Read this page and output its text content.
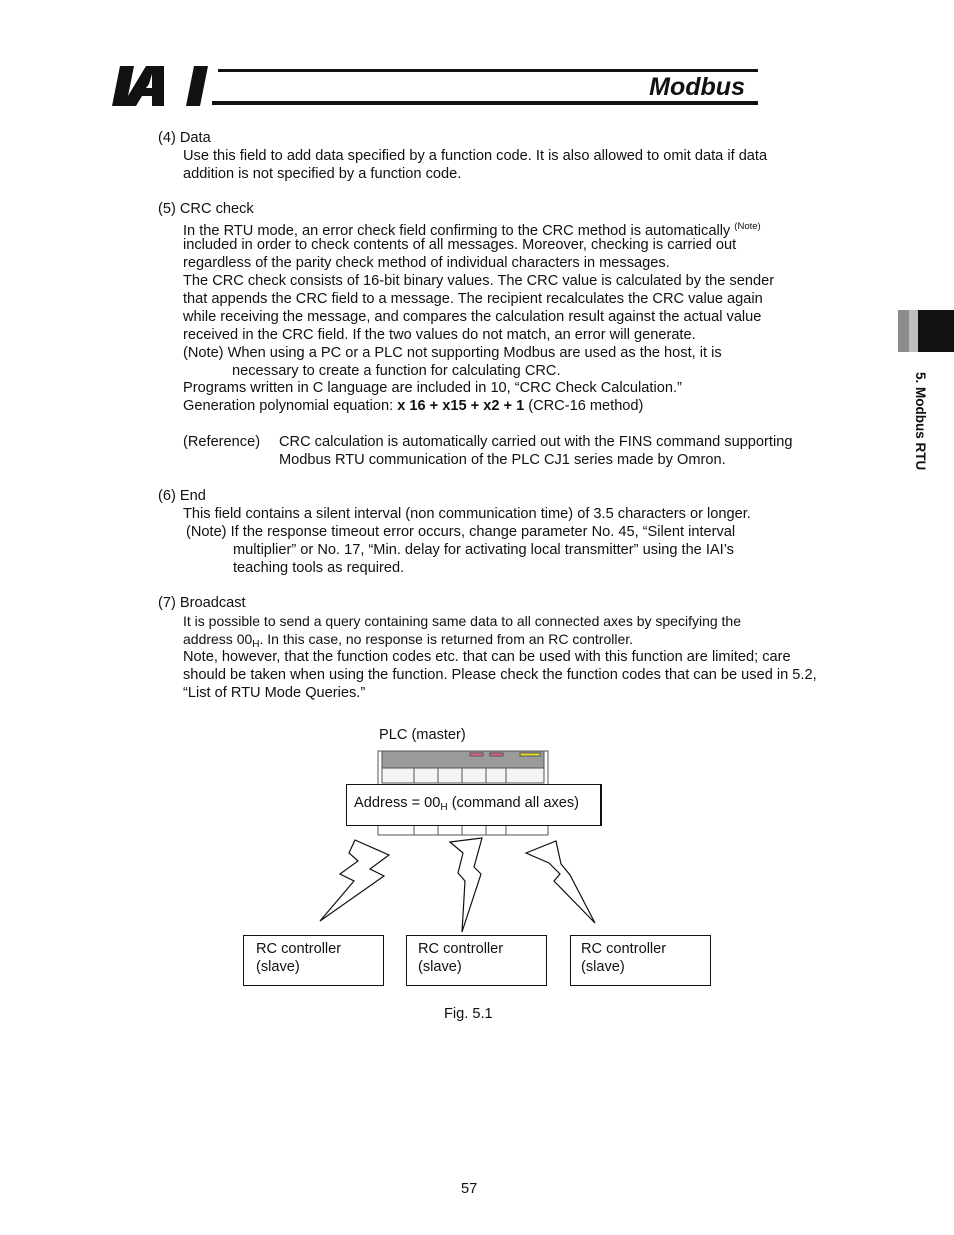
Modbus
5. Modbus RTU
(4) Data
Use this field to add data specified by a function code. It is also allowed to omit data if data
addition is not specified by a function code.
(5) CRC check
In the RTU mode, an error check field confirming to the CRC method is automatically $^{(Note)}$
included in order to check contents of all messages. Moreover, checking is carried out
regardless of the parity check method of individual characters in messages.
The CRC check consists of 16-bit binary values. The CRC value is calculated by the sender
that appends the CRC field to a message. The recipient recalculates the CRC value again
while receiving the message, and compares the calculation result against the actual value
received in the CRC field. If the two values do not match, an error will generate.
(Note) When using a PC or a PLC not supporting Modbus are used as the host, it is
necessary to create a function for calculating CRC.
Programs written in C language are included in 10, “CRC Check Calculation.”
Generation polynomial equation: x 16 + x15 + x2 + 1 (CRC-16 method)
(Reference) CRC calculation is automatically carried out with the FINS command supporting
Modbus RTU communication of the PLC CJ1 series made by Omron.
(6) End
This field contains a silent interval (non communication time) of 3.5 characters or longer.
(Note) If the response timeout error occurs, change parameter No. 45, “Silent interval
multiplier” or No. 17, “Min. delay for activating local transmitter” using the IAI’s
teaching tools as required.
(7) Broadcast
It is possible to send a query containing same data to all connected axes by specifying the
address $00_H$. In this case, no response is returned from an RC controller.
Note, however, that the function codes etc. that can be used with this function are limited; care
should be taken when using the function. Please check the function codes that can be used in 5.2,
“List of RTU Mode Queries.”
PLC (master)
Address = $00_H$ (command all axes)
RC controller
(slave)
RC controller
(slave)
RC controller
(slave)
Fig. 5.1
57
